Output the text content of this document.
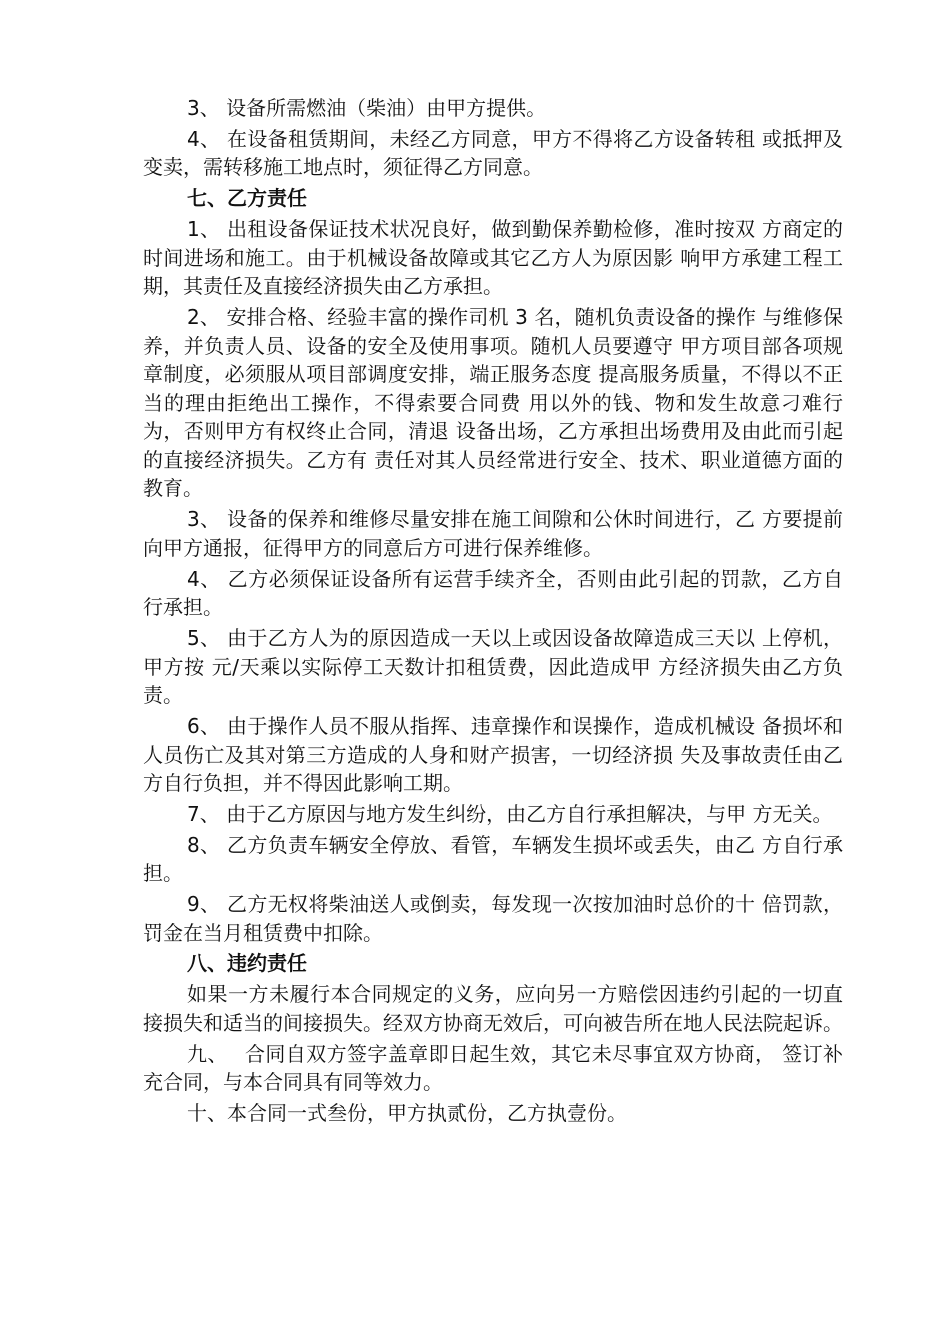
3、 设备所需燃油（柴油）由甲方提供。

4、 在设备租赁期间，未经乙方同意，甲方不得将乙方设备转租 或抵押及变卖，需转移施工地点时，须征得乙方同意。

七、乙方责任

1、 出租设备保证技术状况良好，做到勤保养勤检修，准时按双 方商定的时间进场和施工。由于机械设备故障或其它乙方人为原因影 响甲方承建工程工期，其责任及直接经济损失由乙方承担。

2、 安排合格、经验丰富的操作司机 3 名，随机负责设备的操作 与维修保养，并负责人员、设备的安全及使用事项。随机人员要遵守 甲方项目部各项规章制度，必须服从项目部调度安排，端正服务态度 提高服务质量，不得以不正当的理由拒绝出工操作，不得索要合同费 用以外的钱、物和发生故意刁难行为，否则甲方有权终止合同，清退 设备出场，乙方承担出场费用及由此而引起的直接经济损失。乙方有 责任对其人员经常进行安全、技术、职业道德方面的教育。

3、 设备的保养和维修尽量安排在施工间隙和公休时间进行，乙 方要提前向甲方通报，征得甲方的同意后方可进行保养维修。

4、 乙方必须保证设备所有运营手续齐全，否则由此引起的罚款，乙方自行承担。

5、 由于乙方人为的原因造成一天以上或因设备故障造成三天以 上停机，甲方按 元/天乘以实际停工天数计扣租赁费，因此造成甲 方经济损失由乙方负责。

6、 由于操作人员不服从指挥、违章操作和误操作，造成机械设 备损坏和人员伤亡及其对第三方造成的人身和财产损害，一切经济损 失及事故责任由乙方自行负担，并不得因此影响工期。

7、 由于乙方原因与地方发生纠纷，由乙方自行承担解决，与甲 方无关。

8、 乙方负责车辆安全停放、看管，车辆发生损坏或丢失，由乙 方自行承担。

9、 乙方无权将柴油送人或倒卖，每发现一次按加油时总价的十 倍罚款，罚金在当月租赁费中扣除。

八、违约责任

如果一方未履行本合同规定的义务，应向另一方赔偿因违约引起的一切直接损失和适当的间接损失。经双方协商无效后，可向被告所在地人民法院起诉。

九、　 合同自双方签字盖章即日起生效，其它未尽事宜双方协商， 签订补充合同，与本合同具有同等效力。

十、本合同一式叁份，甲方执贰份，乙方执壹份。
